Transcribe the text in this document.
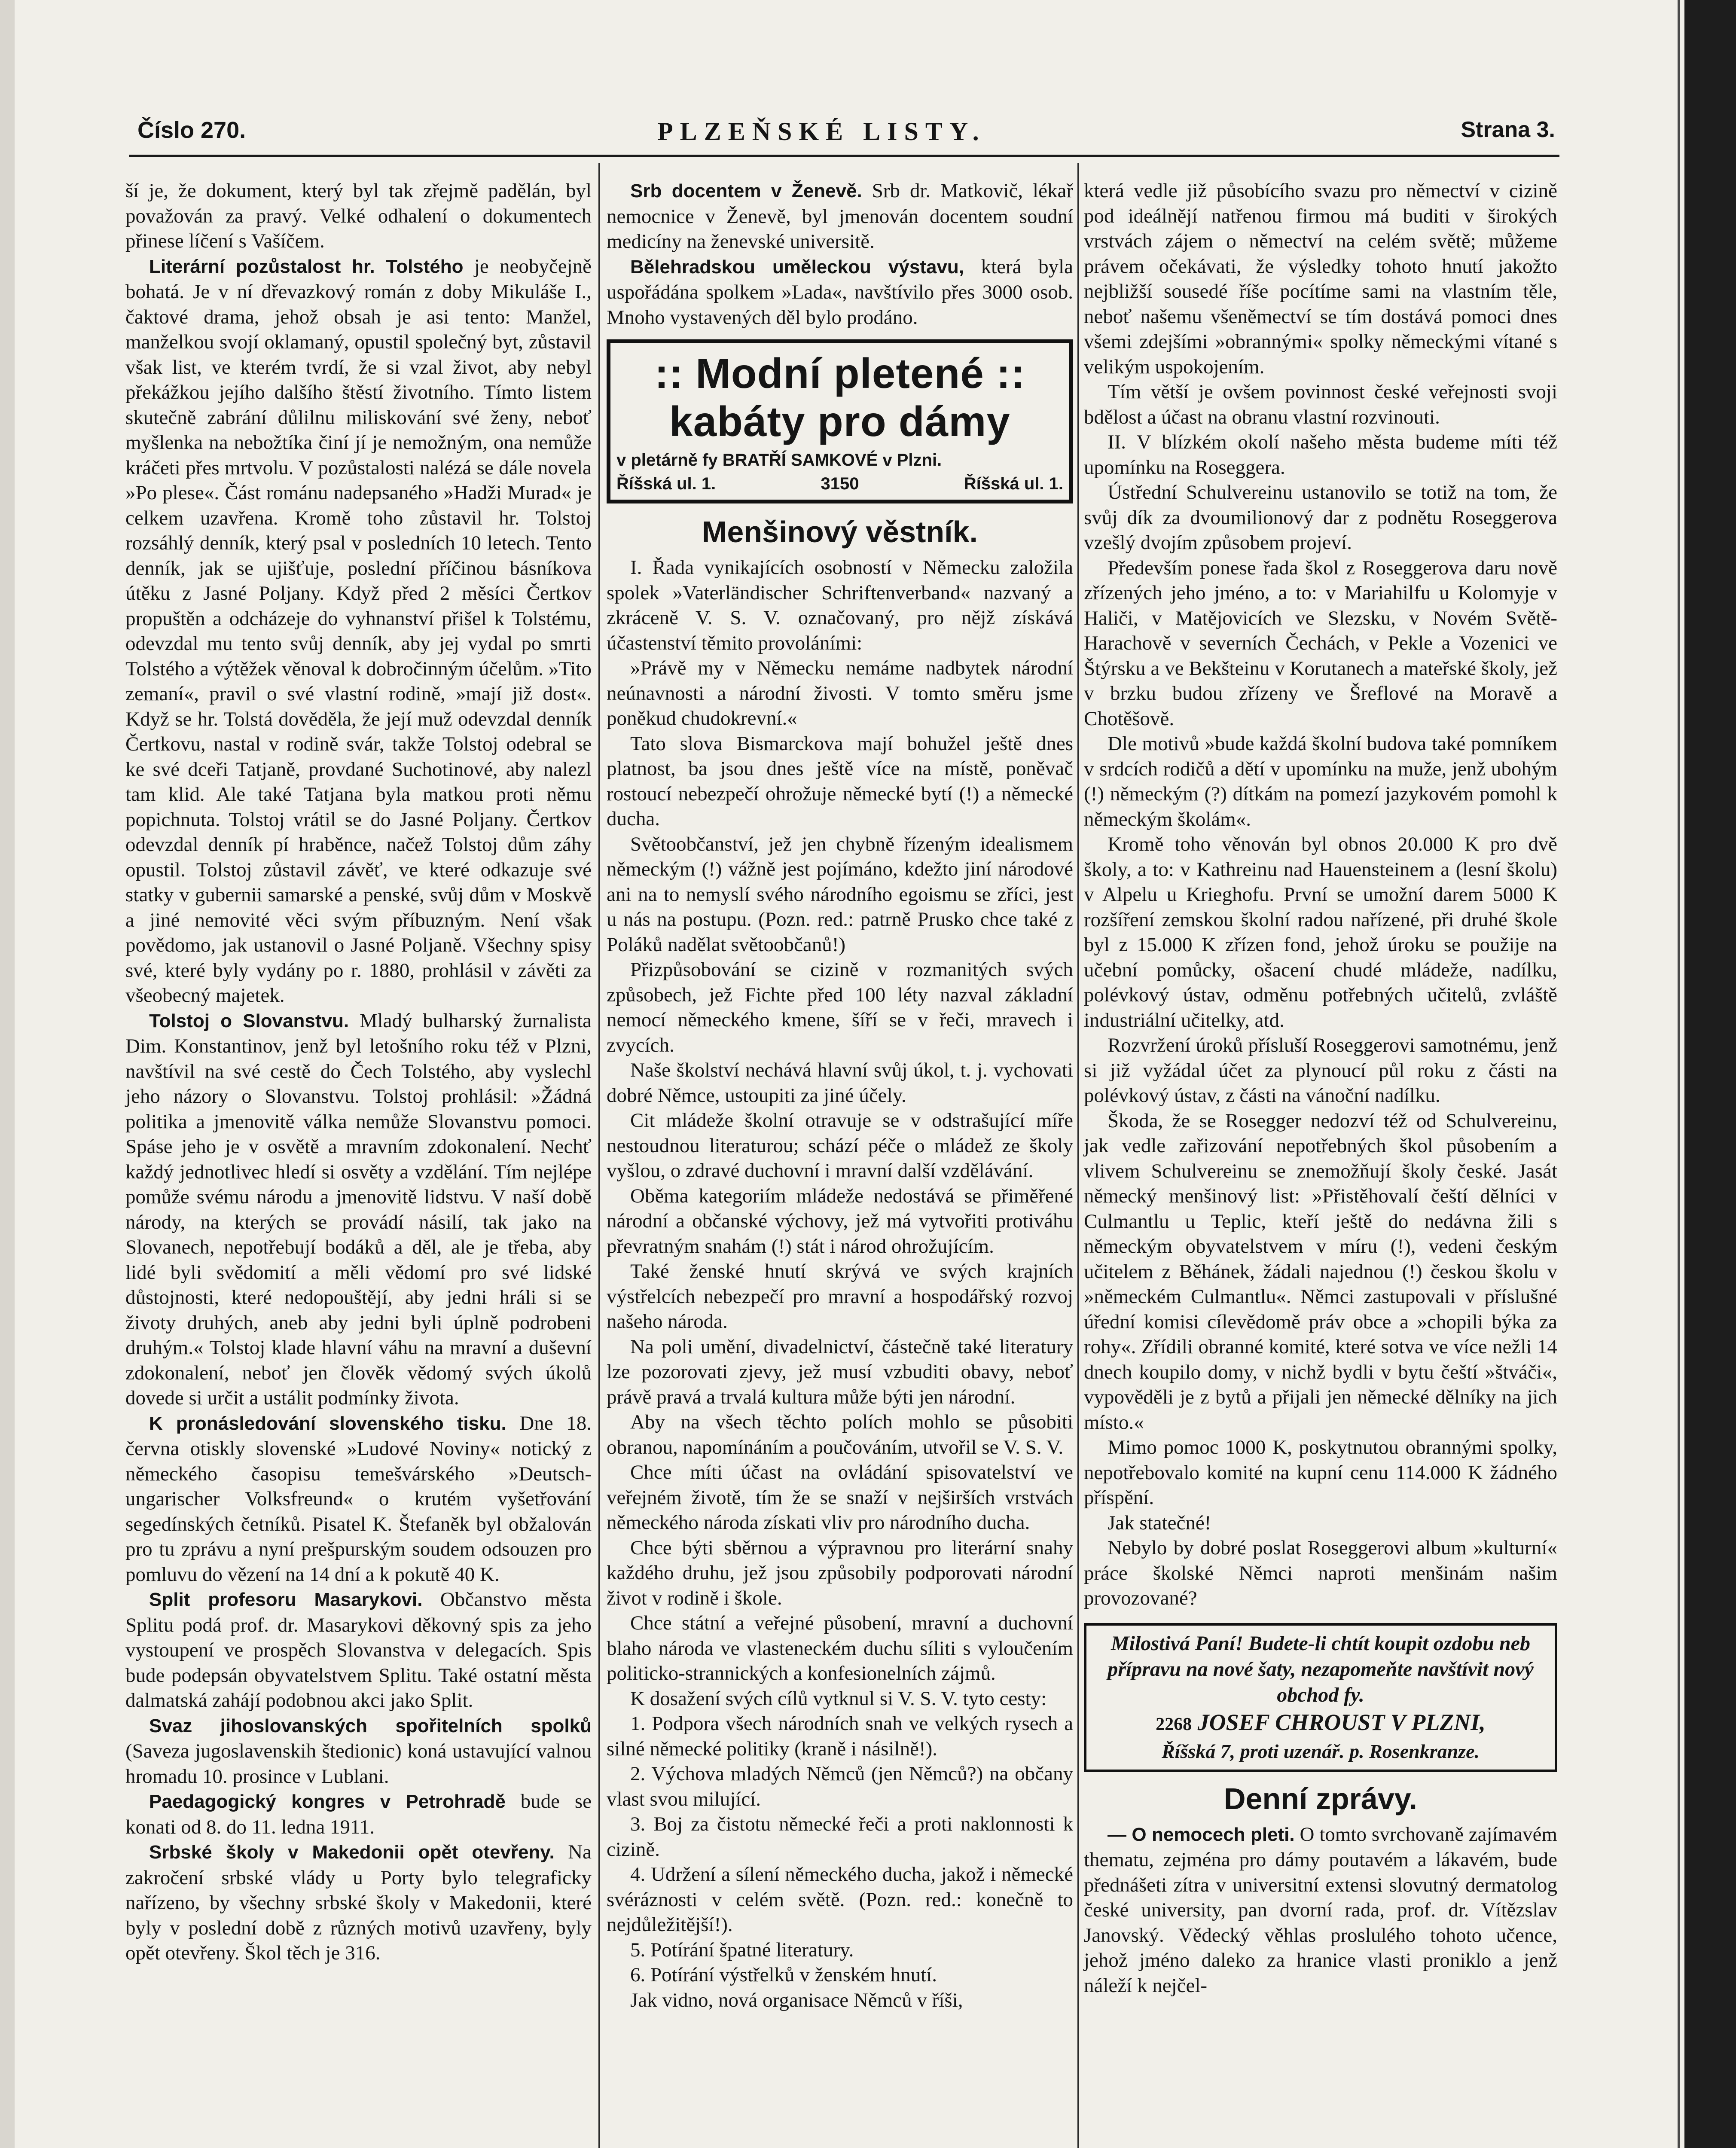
Číslo 270.	PLZEŇSKÉ LISTY.	Strana 3.

ší je, že dokument, který byl tak zřejmě padělán, byl považován za pravý. Velké odhalení o dokumentech přinese líčení s Vašíčem.

Literární pozůstalost hr. Tolstého je neobyčejně bohatá. Je v ní dřevazkový román z doby Mikuláše I., čaktové drama, jehož obsah je asi tento: Manžel, manželkou svojí oklamaný, opustil společný byt, zůstavil však list, ve kterém tvrdí, že si vzal život, aby nebyl překážkou jejího dalšího štěstí životního. Tímto listem skutečně zabrání důlilnu miliskování své ženy, neboť myšlenka na nebožtíka činí jí je nemožným, ona nemůže kráčeti přes mrtvolu. V pozůstalosti nalézá se dále novela »Po plese«. Část románu nadepsaného »Hadži Murad« je celkem uzavřena. Kromě toho zůstavil hr. Tolstoj rozsáhlý denník, který psal v posledních 10 letech. Tento denník, jak se ujišťuje, poslední příčinou básníkova útěku z Jasné Poljany. Když před 2 měsíci Čertkov propuštěn a odcházeje do vyhnanství přišel k Tolstému, odevzdal mu tento svůj denník, aby jej vydal po smrti Tolstého a výtěžek věnoval k dobročinným účelům. »Tito zemaní«, pravil o své vlastní rodině, »mají již dost«. Když se hr. Tolstá dověděla, že její muž odevzdal denník Čertkovu, nastal v rodině svár, takže Tolstoj odebral se ke své dceři Tatjaně, provdané Suchotinové, aby nalezl tam klid. Ale také Tatjana byla matkou proti němu popichnuta. Tolstoj vrátil se do Jasné Poljany. Čertkov odevzdal denník pí hraběnce, načež Tolstoj dům záhy opustil. Tolstoj zůstavil závěť, ve které odkazuje své statky v gubernii samarské a penské, svůj dům v Moskvě a jiné nemovité věci svým příbuzným. Není však povědomo, jak ustanovil o Jasné Poljaně. Všechny spisy své, které byly vydány po r. 1880, prohlásil v závěti za všeobecný majetek.

Tolstoj o Slovanstvu. Mladý bulharský žurnalista Dim. Konstantinov, jenž byl letošního roku též v Plzni, navštívil na své cestě do Čech Tolstého, aby vyslechl jeho názory o Slovanstvu. Tolstoj prohlásil: »Žádná politika a jmenovitě válka nemůže Slovanstvu pomoci. Spáse jeho je v osvětě a mravním zdokonalení. Nechť každý jednotlivec hledí si osvěty a vzdělání. Tím nejlépe pomůže svému národu a jmenovitě lidstvu. V naší době národy, na kterých se provádí násilí, tak jako na Slovanech, nepotřebují bodáků a děl, ale je třeba, aby lidé byli svědomití a měli vědomí pro své lidské důstojnosti, které nedopouštějí, aby jedni hráli si se životy druhých, aneb aby jedni byli úplně podrobeni druhým.« Tolstoj klade hlavní váhu na mravní a duševní zdokonalení, neboť jen člověk vědomý svých úkolů dovede si určit a ustálit podmínky života.

K pronásledování slovenského tisku. Dne 18. června otiskly slovenské »Ludové Noviny« notický z německého časopisu temešvárského »Deutsch-ungarischer Volksfreund« o krutém vyšetřování segedínských četníků. Pisatel K. Štefaněk byl obžalován pro tu zprávu a nyní prešpurským soudem odsouzen pro pomluvu do vězení na 14 dní a k pokutě 40 K.

Split profesoru Masarykovi. Občanstvo města Splitu podá prof. dr. Masarykovi děkovný spis za jeho vystoupení ve prospěch Slovanstva v delegacích. Spis bude podepsán obyvatelstvem Splitu. Také ostatní města dalmatská zahájí podobnou akci jako Split.

Svaz jihoslovanských spořitelních spolků (Saveza jugoslavenskih štedionic) koná ustavující valnou hromadu 10. prosince v Lublani.

Paedagogický kongres v Petrohradě bude se konati od 8. do 11. ledna 1911.

Srbské školy v Makedonii opět otevřeny. Na zakročení srbské vlády u Porty bylo telegraficky nařízeno, by všechny srbské školy v Makedonii, které byly v poslední době z různých motivů uzavřeny, byly opět otevřeny. Škol těch je 316.

Srb docentem v Ženevě. Srb dr. Matkovič, lékař nemocnice v Ženevě, byl jmenován docentem soudní medicíny na ženevské universitě.

Bělehradskou uměleckou výstavu, která byla uspořádána spolkem »Lada«, navštívilo přes 3000 osob. Mnoho vystavených děl bylo prodáno.

:: Modní pletené ::
kabáty pro dámy
v pletárně fy BRATŘÍ SAMKOVÉ v Plzni.
Říšská ul. 1.	3150	Říšská ul. 1.
Menšinový věstník.

I. Řada vynikajících osobností v Německu založila spolek »Vaterländischer Schriftenverband« nazvaný a zkráceně V. S. V. označovaný, pro nějž získává účastenství těmito provoláními:

»Právě my v Německu nemáme nadbytek národní neúnavnosti a národní živosti. V tomto směru jsme poněkud chudokrevní.«

Tato slova Bismarckova mají bohužel ještě dnes platnost, ba jsou dnes ještě více na místě, poněvač rostoucí nebezpečí ohrožuje německé bytí (!) a německé ducha.

Světoobčanství, jež jen chybně řízeným idealismem německým (!) vážně jest pojímáno, kdežto jiní národové ani na to nemyslí svého národního egoismu se zříci, jest u nás na postupu. (Pozn. red.: patrně Prusko chce také z Poláků nadělat světoobčanů!)

Přizpůsobování se cizině v rozmanitých svých způsobech, jež Fichte před 100 léty nazval základní nemocí německého kmene, šíří se v řeči, mravech i zvycích.

Naše školství nechává hlavní svůj úkol, t. j. vychovati dobré Němce, ustoupiti za jiné účely.

Cit mládeže školní otravuje se v odstrašující míře nestoudnou literaturou; schází péče o mládež ze školy vyšlou, o zdravé duchovní i mravní další vzdělávání.

Oběma kategoriím mládeže nedostává se přiměřené národní a občanské výchovy, jež má vytvořiti protiváhu převratným snahám (!) stát i národ ohrožujícím.

Také ženské hnutí skrývá ve svých krajních výstřelcích nebezpečí pro mravní a hospodářský rozvoj našeho národa.

Na poli umění, divadelnictví, částečně také literatury lze pozorovati zjevy, jež musí vzbuditi obavy, neboť právě pravá a trvalá kultura může býti jen národní.

Aby na všech těchto polích mohlo se působiti obranou, napomínáním a poučováním, utvořil se V. S. V.

Chce míti účast na ovládání spisovatelství ve veřejném životě, tím že se snaží v nejširších vrstvách německého národa získati vliv pro národního ducha.

Chce býti sběrnou a výpravnou pro literární snahy každého druhu, jež jsou způsobily podporovati národní život v rodině i škole.

Chce státní a veřejné působení, mravní a duchovní blaho národa ve vlasteneckém duchu síliti s vyloučením politicko-strannických a konfesionelních zájmů.

K dosažení svých cílů vytknul si V. S. V. tyto cesty:

1. Podpora všech národních snah ve velkých rysech a silné německé politiky (kraně i násilně!).

2. Výchova mladých Němců (jen Němců?) na občany vlast svou milující.

3. Boj za čistotu německé řeči a proti naklonnosti k cizině.

4. Udržení a sílení německého ducha, jakož i německé svéráznosti v celém světě. (Pozn. red.: konečně to nejdůležitější!).

5. Potírání špatné literatury.

6. Potírání výstřelků v ženském hnutí.

Jak vidno, nová organisace Němců v říši,

která vedle již působícího svazu pro němectví v cizině pod ideálnějí natřenou firmou má buditi v širokých vrstvách zájem o němectví na celém světě; můžeme právem očekávati, že výsledky tohoto hnutí jakožto nejbližší sousedé říše pocítíme sami na vlastním těle, neboť našemu všeněmectví se tím dostává pomoci dnes všemi zdejšími »obrannými« spolky německými vítané s velikým uspokojením.

Tím větší je ovšem povinnost české veřejnosti svoji bdělost a účast na obranu vlastní rozvinouti.

II. V blízkém okolí našeho města budeme míti též upomínku na Roseggera.

Ústřední Schulvereinu ustanovilo se totiž na tom, že svůj dík za dvoumilionový dar z podnětu Roseggerova vzešlý dvojím způsobem projeví.

Především ponese řada škol z Roseggerova daru nově zřízených jeho jméno, a to: v Mariahilfu u Kolomyje v Haliči, v Matějovicích ve Slezsku, v Novém Světě-Harachově v severních Čechách, v Pekle a Vozenici ve Štýrsku a ve Bekšteinu v Korutanech a mateřské školy, jež v brzku budou zřízeny ve Šreflové na Moravě a Chotěšově.

Dle motivů »bude každá školní budova také pomníkem v srdcích rodičů a dětí v upomínku na muže, jenž ubohým (!) německým (?) dítkám na pomezí jazykovém pomohl k německým školám«.

Kromě toho věnován byl obnos 20.000 K pro dvě školy, a to: v Kathreinu nad Hauensteinem a (lesní školu) v Alpelu u Krieghofu. První se umožní darem 5000 K rozšíření zemskou školní radou nařízené, při druhé škole byl z 15.000 K zřízen fond, jehož úroku se použije na učební pomůcky, ošacení chudé mládeže, nadílku, polévkový ústav, odměnu potřebných učitelů, zvláště industriální učitelky, atd.

Rozvržení úroků přísluší Roseggerovi samotnému, jenž si již vyžádal účet za plynoucí půl roku z části na polévkový ústav, z části na vánoční nadílku.

Škoda, že se Rosegger nedozví též od Schulvereinu, jak vedle zařizování nepotřebných škol působením a vlivem Schulvereinu se znemožňují školy české. Jasát německý menšinový list: »Přistěhovalí čeští dělníci v Culmantlu u Teplic, kteří ještě do nedávna žili s německým obyvatelstvem v míru (!), vedeni českým učitelem z Běhánek, žádali najednou (!) českou školu v »německém Culmantlu«. Němci zastupovali v příslušné úřední komisi cílevědomě práv obce a »chopili býka za rohy«. Zřídili obranné komité, které sotva ve více nežli 14 dnech koupilo domy, v nichž bydli v bytu čeští »štváči«, vypověděli je z bytů a přijali jen německé dělníky na jich místo.«

Mimo pomoc 1000 K, poskytnutou obrannými spolky, nepotřebovalo komité na kupní cenu 114.000 K žádného příspění.

Jak statečné!

Nebylo by dobré poslat Roseggerovi album »kulturní« práce školské Němci naproti menšinám našim provozované?

Milostivá Paní! Budete-li chtít koupit ozdobu neb přípravu na nové šaty, nezapomeňte navštívit nový obchod fy.
2268 JOSEF CHROUST V PLZNI,
Říšská 7, proti uzenář. p. Rosenkranze.
Denní zprávy.

— O nemocech pleti. O tomto svrchovaně zajímavém thematu, zejména pro dámy poutavém a lákavém, bude přednášeti zítra v universitní extensi slovutný dermatolog české university, pan dvorní rada, prof. dr. Vítězslav Janovský. Vědecký věhlas proslulého tohoto učence, jehož jméno daleko za hranice vlasti proniklo a jenž náleží k nejčel-
